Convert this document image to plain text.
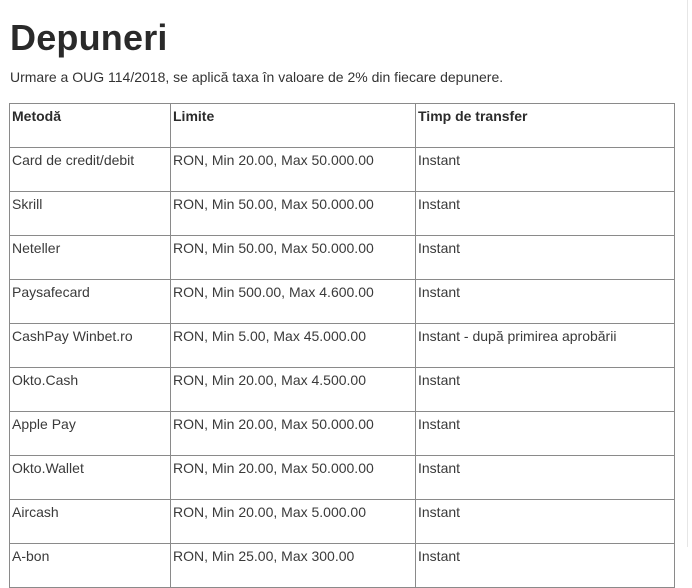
Depuneri

Urmare a OUG 114/2018, se aplică taxa în valoare de 2% din fiecare depunere.

Metodă	Limite	Timp de transfer
Card de credit/debit	RON, Min 20.00, Max 50.000.00	Instant
Skrill	RON, Min 50.00, Max 50.000.00	Instant
Neteller	RON, Min 50.00, Max 50.000.00	Instant
Paysafecard	RON, Min 500.00, Max 4.600.00	Instant
CashPay Winbet.ro	RON, Min 5.00, Max 45.000.00	Instant - după primirea aprobării
Okto.Cash	RON, Min 20.00, Max 4.500.00	Instant
Apple Pay	RON, Min 20.00, Max 50.000.00	Instant
Okto.Wallet	RON, Min 20.00, Max 50.000.00	Instant
Aircash	RON, Min 20.00, Max 5.000.00	Instant
A-bon	RON, Min 25.00, Max 300.00	Instant
